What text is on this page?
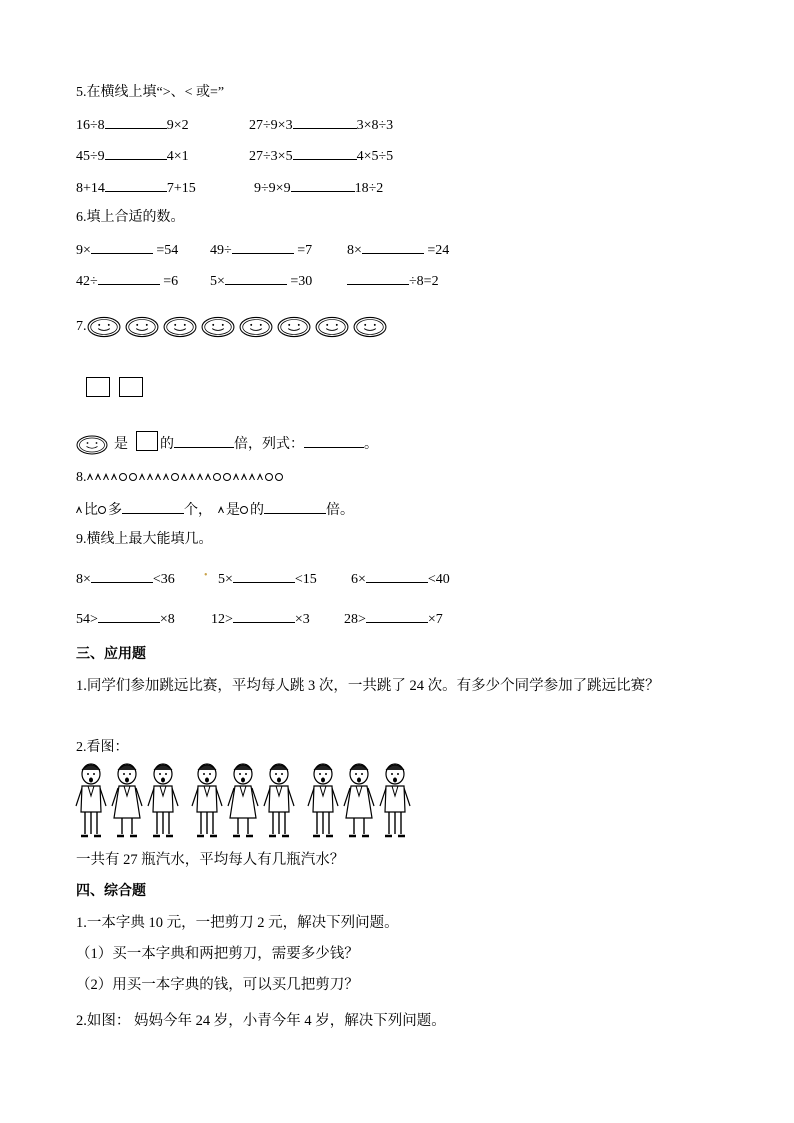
5.在横线上填“>、< 或=”
16÷8	9×2	27÷9×3	3×8÷3
45÷9	4×1	27÷3×5	4×5÷5
8+14	7+15	9÷9×9	18÷2
6.填上合适的数。
9×	=54 49÷	=7 8×	=24
42÷	=6 5×	=30	÷8=2
7.
是 的	倍，列式：	。
8.
比 多	个， 是 的	倍。
9.横线上最大能填几。
8×	<36	• 5×	<15 6×	<40
54>	×8	12>	×3 28>	×7
三、应用题
1.同学们参加跳远比赛，平均每人跳 3 次，一共跳了 24 次。有多少个同学参加了跳远比赛？
2.看图：
一共有 27 瓶汽水，平均每人有几瓶汽水？
四、综合题
1.一本字典 10 元，一把剪刀 2 元，解决下列问题。
（1）买一本字典和两把剪刀，需要多少钱？
（2）用买一本字典的钱，可以买几把剪刀？
2.如图： 妈妈今年 24 岁，小青今年 4 岁，解决下列问题。
